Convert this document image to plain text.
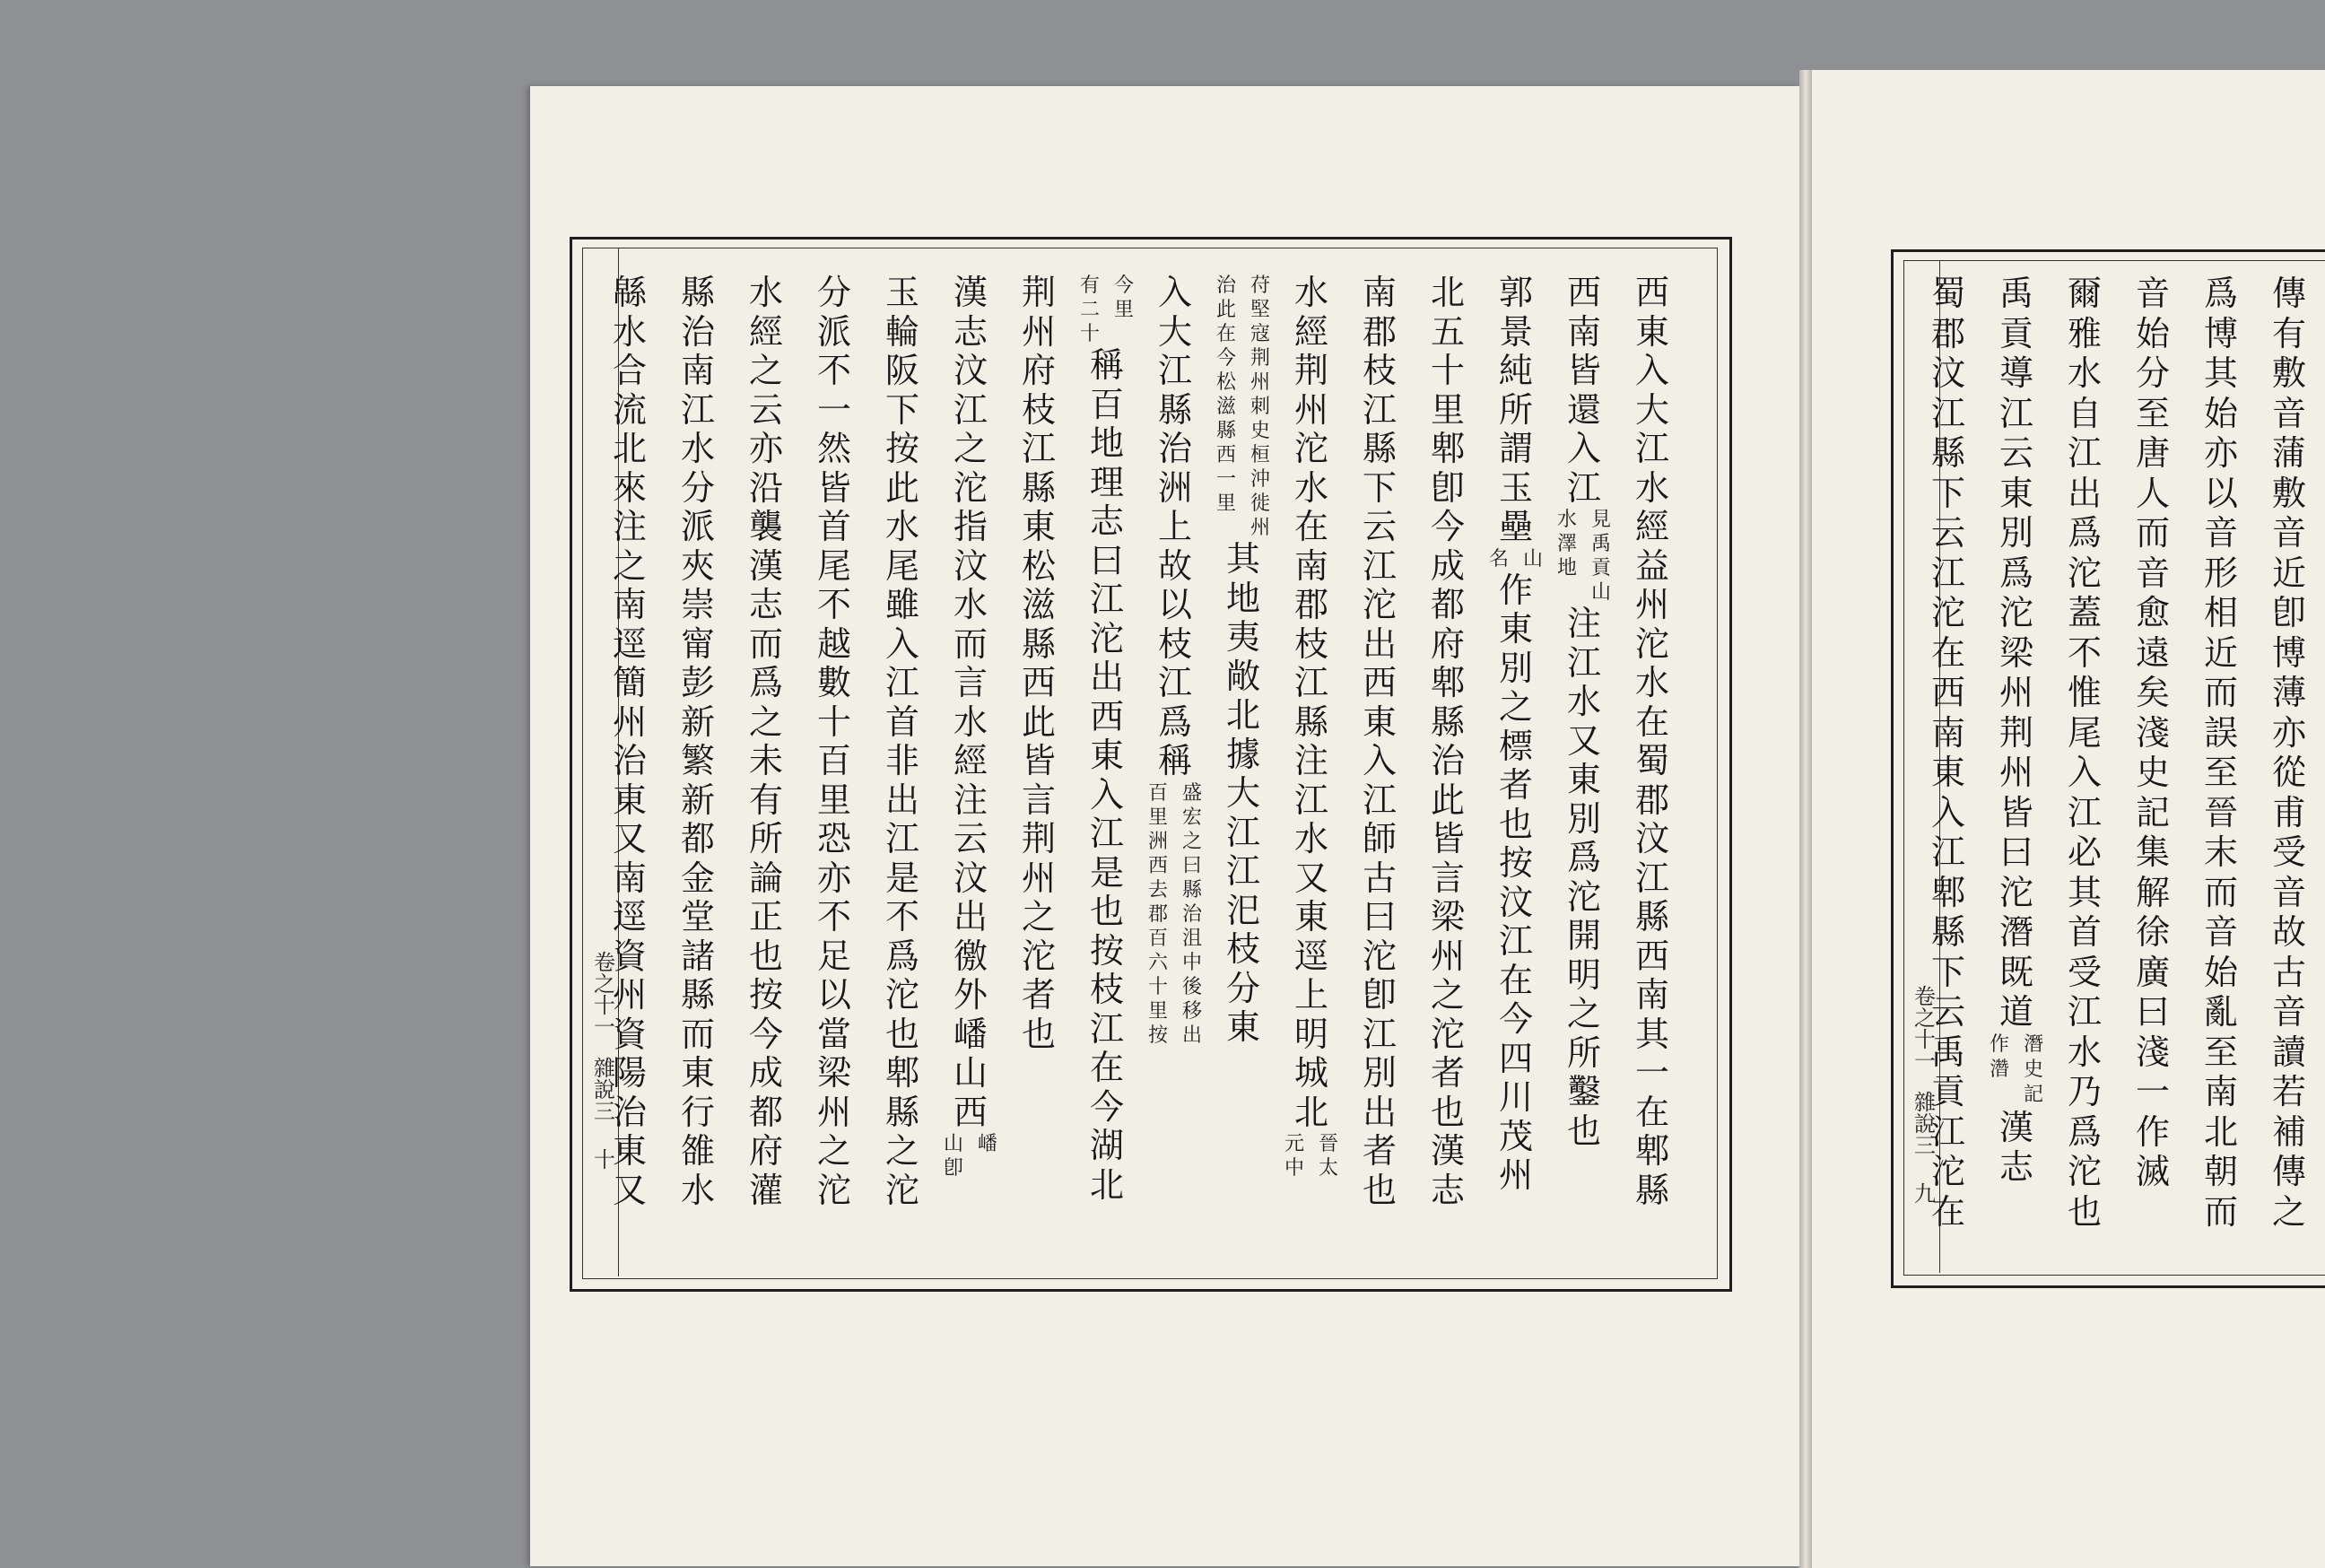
西
東
入
大
江
水
經
益
州
沱
水
在
蜀
郡
汶
江
縣
西
南
其
一
在
郫
縣
西
南
皆
還
入
江
見
禹
貢
山
水
澤
地
注
江
水
又
東
別
爲
沱
開
明
之
所
鑿
也
郭
景
純
所
謂
玉
壘
山
名
作
東
別
之
標
者
也
按
汶
江
在
今
四
川
茂
州
北
五
十
里
郫
卽
今
成
都
府
郫
縣
治
此
皆
言
梁
州
之
沱
者
也
漢
志
南
郡
枝
江
縣
下
云
江
沱
出
西
東
入
江
師
古
曰
沱
卽
江
別
出
者
也
水
經
荆
州
沱
水
在
南
郡
枝
江
縣
注
江
水
又
東
逕
上
明
城
北
晉
太
元
中
苻
堅
寇
荆
州
刺
史
桓
沖
徙
州
治
此
在
今
松
滋
縣
西
一
里
其
地
夷
敞
北
據
大
江
江
汜
枝
分
東
入
大
江
縣
治
洲
上
故
以
枝
江
爲
稱
盛
宏
之
曰
縣
治
沮
中
後
移
出
百
里
洲
西
去
郡
百
六
十
里
按
今
里
有
二
十
稱
百
地
理
志
曰
江
沱
出
西
東
入
江
是
也
按
枝
江
在
今
湖
北
荆
州
府
枝
江
縣
東
松
滋
縣
西
此
皆
言
荆
州
之
沱
者
也
漢
志
汶
江
之
沱
指
汶
水
而
言
水
經
注
云
汶
出
徼
外
嶓
山
西
嶓
山
卽
玉
輪
阪
下
按
此
水
尾
雖
入
江
首
非
出
江
是
不
爲
沱
也
郫
縣
之
沱
分
派
不
一
然
皆
首
尾
不
越
數
十
百
里
恐
亦
不
足
以
當
梁
州
之
沱
水
經
之
云
亦
沿
襲
漢
志
而
爲
之
未
有
所
論
正
也
按
今
成
都
府
灌
縣
治
南
江
水
分
派
夾
崇
甯
彭
新
繁
新
都
金
堂
諸
縣
而
東
行
雒
水
緜
水
合
流
北
來
注
之
南
逕
簡
州
治
東
又
南
逕
資
州
資
陽
治
東
又
傳
有
敷
音
蒲
敷
音
近
卽
博
薄
亦
從
甫
受
音
故
古
音
讀
若
補
傳
之
爲
博
其
始
亦
以
音
形
相
近
而
誤
至
晉
末
而
音
始
亂
至
南
北
朝
而
音
始
分
至
唐
人
而
音
愈
遠
矣
淺
史
記
集
解
徐
廣
曰
淺
一
作
滅
爾
雅
水
自
江
出
爲
沱
蓋
不
惟
尾
入
江
必
其
首
受
江
水
乃
爲
沱
也
禹
貢
導
江
云
東
別
爲
沱
梁
州
荆
州
皆
曰
沱
潛
既
道
潛
史
記
作
濳
漢
志
蜀
郡
汶
江
縣
下
云
江
沱
在
西
南
東
入
江
郫
縣
下
云
禹
貢
江
沱
在
卷之十一
雜說三
十
卷之十一
雜說三
九
